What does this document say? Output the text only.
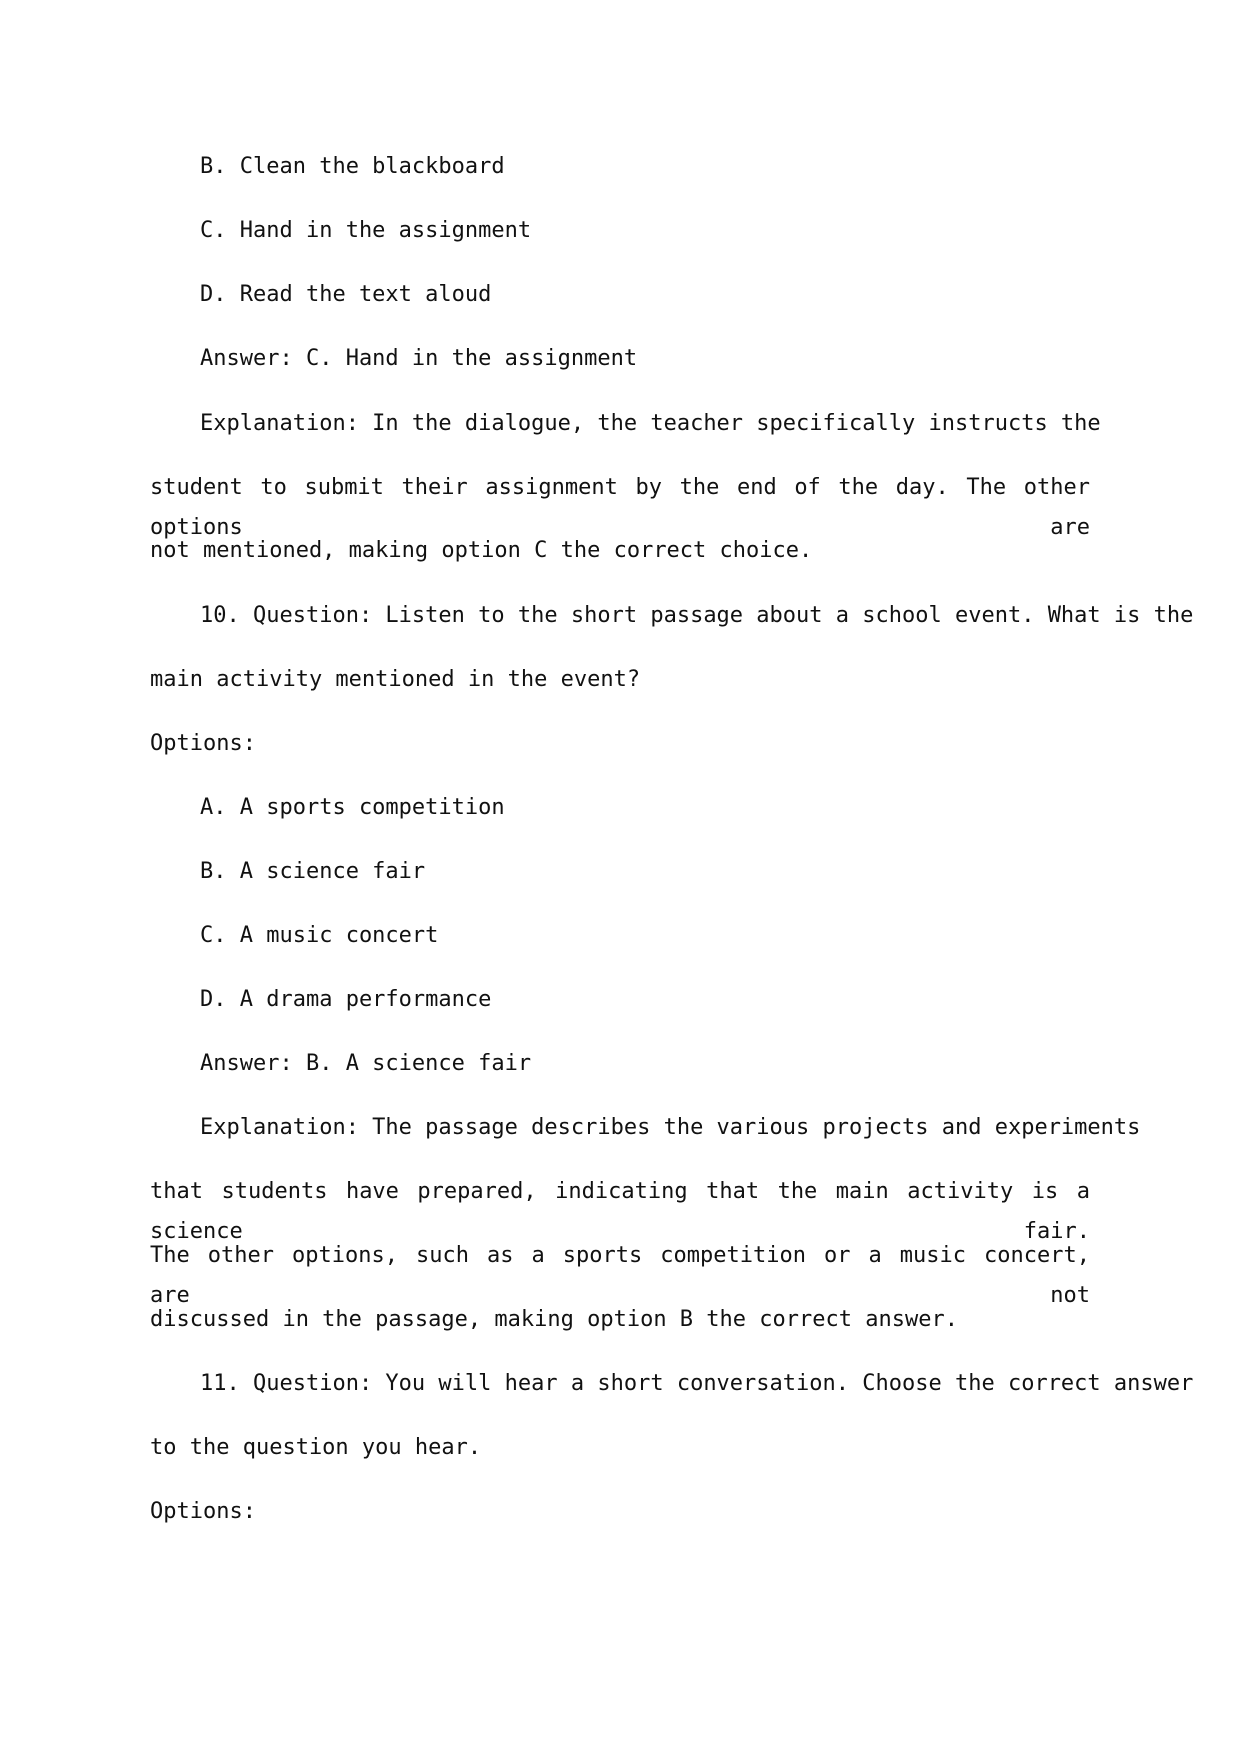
B. Clean the blackboard
C. Hand in the assignment
D. Read the text aloud
Answer: C. Hand in the assignment
Explanation: In the dialogue, the teacher specifically instructs the
student to submit their assignment by the end of the day. The other options are
not mentioned, making option C the correct choice.
10. Question: Listen to the short passage about a school event. What is the
main activity mentioned in the event?
Options:
A. A sports competition
B. A science fair
C. A music concert
D. A drama performance
Answer: B. A science fair
Explanation: The passage describes the various projects and experiments
that students have prepared, indicating that the main activity is a science fair.
The other options, such as a sports competition or a music concert, are not
discussed in the passage, making option B the correct answer.
11. Question: You will hear a short conversation. Choose the correct answer
to the question you hear.
Options:
